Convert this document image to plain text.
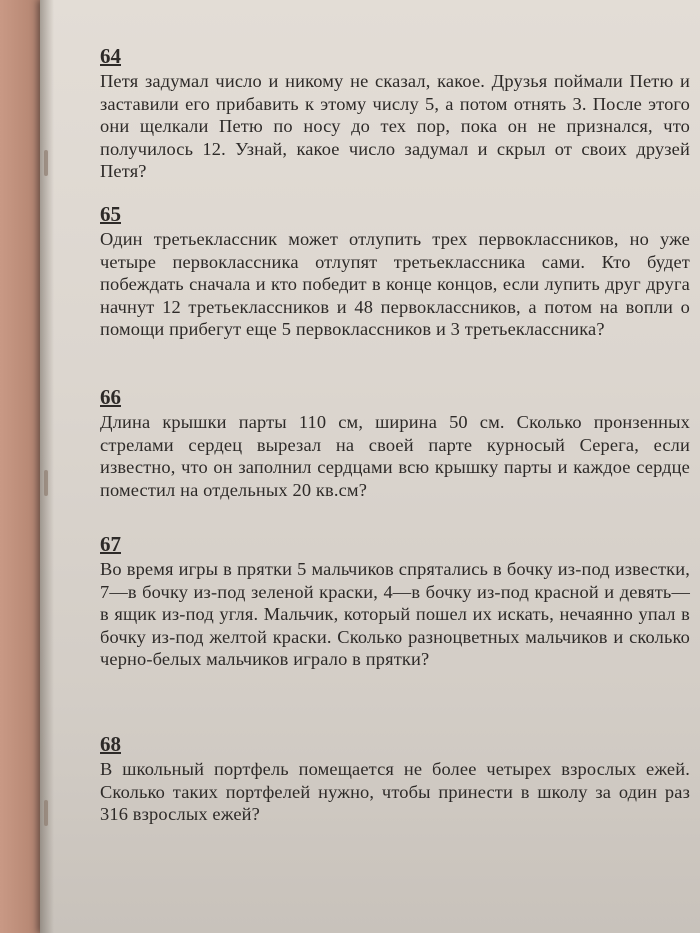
64

Петя задумал число и никому не сказал, какое. Друзья поймали Петю и заставили его прибавить к этому числу 5, а потом отнять 3. После этого они щелкали Петю по носу до тех пор, пока он не признался, что получилось 12. Узнай, какое число задумал и скрыл от своих друзей Петя?

65

Один третьеклассник может отлупить трех первоклассников, но уже четыре первоклассника отлупят третьеклассника сами. Кто будет побеждать сначала и кто победит в конце концов, если лупить друг друга начнут 12 третьеклассников и 48 первоклассников, а потом на вопли о помощи прибегут еще 5 первоклассников и 3 третьеклассника?

66

Длина крышки парты 110 см, ширина 50 см. Сколько пронзенных стрелами сердец вырезал на своей парте курносый Серега, если известно, что он заполнил сердцами всю крышку парты и каждое сердце поместил на отдельных 20 кв.см?

67

Во время игры в прятки 5 мальчиков спрятались в бочку из-под известки, 7—в бочку из-под зеленой краски, 4—в бочку из-под красной и девять—в ящик из-под угля. Мальчик, который пошел их искать, нечаянно упал в бочку из-под желтой краски. Сколько разноцветных мальчиков и сколько черно-белых мальчиков играло в прятки?

68

В школьный портфель помещается не более четырех взрослых ежей. Сколько таких портфелей нужно, чтобы принести в школу за один раз 316 взрослых ежей?
